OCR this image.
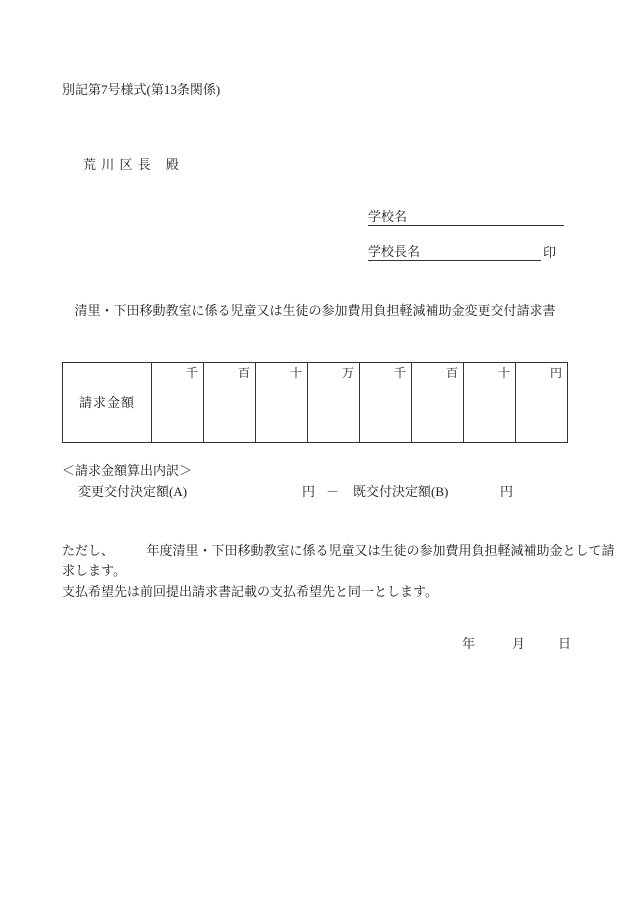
別記第7号様式(第13条関係)
荒 川 区 長　殿
学校名
学校長名	印
清里・下田移動教室に係る児童又は生徒の参加費用負担軽減補助金変更交付請求書
請求金額
千	百	十	万	千	百	十	円
＜請求金額算出内訳＞
変更交付決定額(A)	円 － 既交付決定額(B)	円
ただし、　　　年度清里・下田移動教室に係る児童又は生徒の参加費用負担軽減補助金として請
求します。
支払希望先は前回提出請求書記載の支払希望先と同一とします。
年	月	日
